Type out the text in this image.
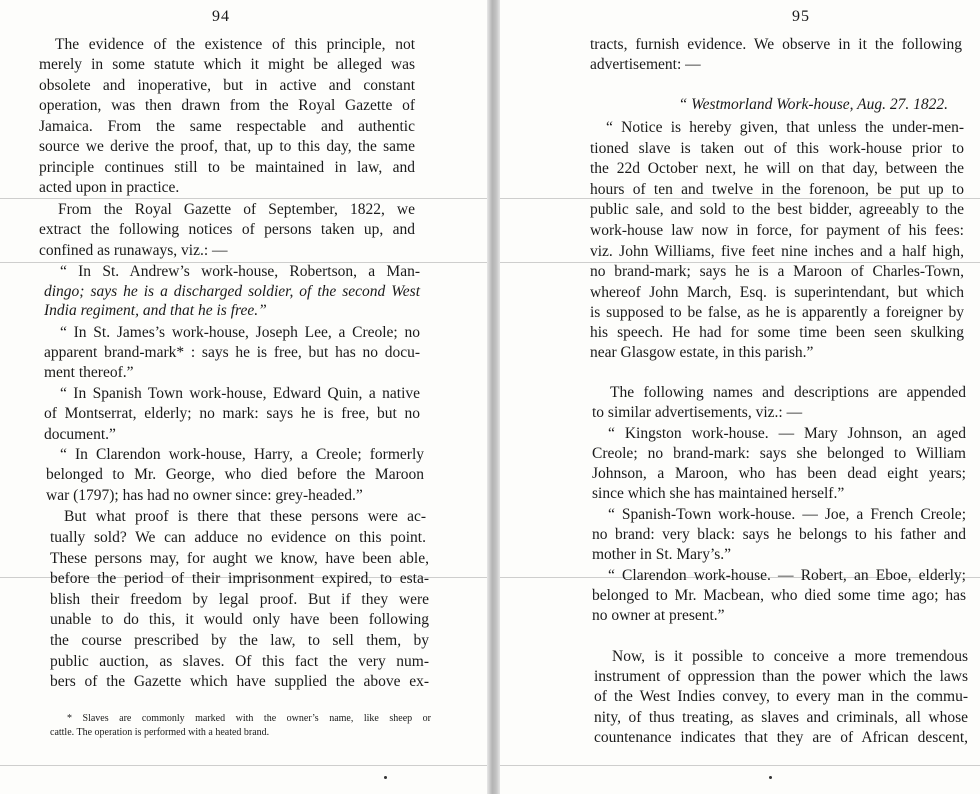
94	95
The evidence of the existence of this principle, not
merely in some statute which it might be alleged was
obsolete and inoperative, but in active and constant
operation, was then drawn from the Royal Gazette of
Jamaica. From the same respectable and authentic
source we derive the proof, that, up to this day, the same
principle continues still to be maintained in law, and
acted upon in practice.
From the Royal Gazette of September, 1822, we
extract the following notices of persons taken up, and
confined as runaways, viz.: —
“ In St. Andrew’s work-house, Robertson, a Man-
dingo; says he is a discharged soldier, of the second West
India regiment, and that he is free.”
“ In St. James’s work-house, Joseph Lee, a Creole; no
apparent brand-mark* : says he is free, but has no docu-
ment thereof.”
“ In Spanish Town work-house, Edward Quin, a native
of Montserrat, elderly; no mark: says he is free, but no
document.”
“ In Clarendon work-house, Harry, a Creole; formerly
belonged to Mr. George, who died before the Maroon
war (1797); has had no owner since: grey-headed.”
But what proof is there that these persons were ac-
tually sold? We can adduce no evidence on this point.
These persons may, for aught we know, have been able,
before the period of their imprisonment expired, to esta-
blish their freedom by legal proof. But if they were
unable to do this, it would only have been following
the course prescribed by the law, to sell them, by
public auction, as slaves. Of this fact the very num-
bers of the Gazette which have supplied the above ex-
* Slaves are commonly marked with the owner’s name, like sheep or
cattle. The operation is performed with a heated brand.
tracts, furnish evidence. We observe in it the following
advertisement: —
“ Westmorland Work-house, Aug. 27. 1822.
“ Notice is hereby given, that unless the under-men-
tioned slave is taken out of this work-house prior to
the 22d October next, he will on that day, between the
hours of ten and twelve in the forenoon, be put up to
public sale, and sold to the best bidder, agreeably to the
work-house law now in force, for payment of his fees:
viz. John Williams, five feet nine inches and a half high,
no brand-mark; says he is a Maroon of Charles-Town,
whereof John March, Esq. is superintendant, but which
is supposed to be false, as he is apparently a foreigner by
his speech. He had for some time been seen skulking
near Glasgow estate, in this parish.”
The following names and descriptions are appended
to similar advertisements, viz.: —
“ Kingston work-house. — Mary Johnson, an aged
Creole; no brand-mark: says she belonged to William
Johnson, a Maroon, who has been dead eight years;
since which she has maintained herself.”
“ Spanish-Town work-house. — Joe, a French Creole;
no brand: very black: says he belongs to his father and
mother in St. Mary’s.”
“ Clarendon work-house. — Robert, an Eboe, elderly;
belonged to Mr. Macbean, who died some time ago; has
no owner at present.”
Now, is it possible to conceive a more tremendous
instrument of oppression than the power which the laws
of the West Indies convey, to every man in the commu-
nity, of thus treating, as slaves and criminals, all whose
countenance indicates that they are of African descent,
